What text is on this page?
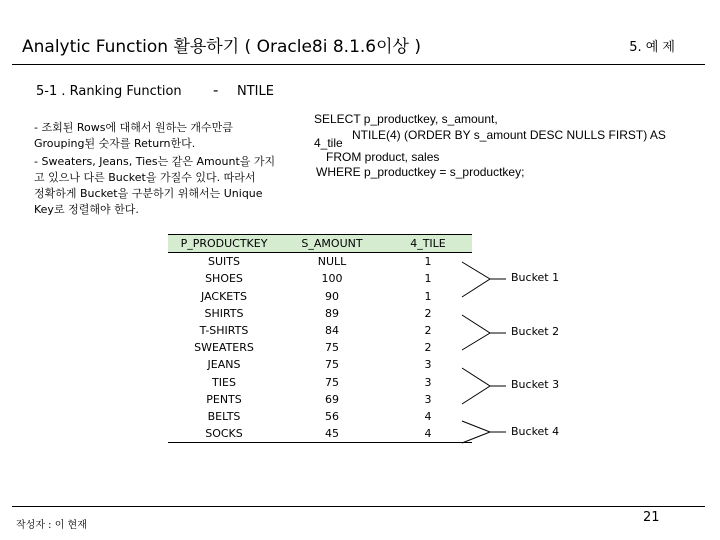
Analytic Function 활용하기 ( Oracle8i 8.1.6이상 )	5. 예 제
5-1 . Ranking Function - NTILE
- 조회된 Rows에 대해서 원하는 개수만큼
Grouping된 숫자를 Return한다.
- Sweaters, Jeans, Ties는 같은 Amount을 가지
고 있으나 다른 Bucket을 가질수 있다. 따라서
정확하게 Bucket을 구분하기 위해서는 Unique
Key로 정렬해야 한다.
SELECT p_productkey, s_amount,
NTILE(4) (ORDER BY s_amount DESC NULLS FIRST) AS
4_tile
FROM product, sales
WHERE p_productkey = s_productkey;
P_PRODUCTKEY	S_AMOUNT	4_TILE
SUITS	NULL	1
SHOES	100	1
JACKETS	90	1
SHIRTS	89	2
T-SHIRTS	84	2
SWEATERS	75	2
JEANS	75	3
TIES	75	3
PENTS	69	3
BELTS	56	4
SOCKS	45	4
Bucket 1
Bucket 2
Bucket 3
Bucket 4
작성자 : 이 현재
21
